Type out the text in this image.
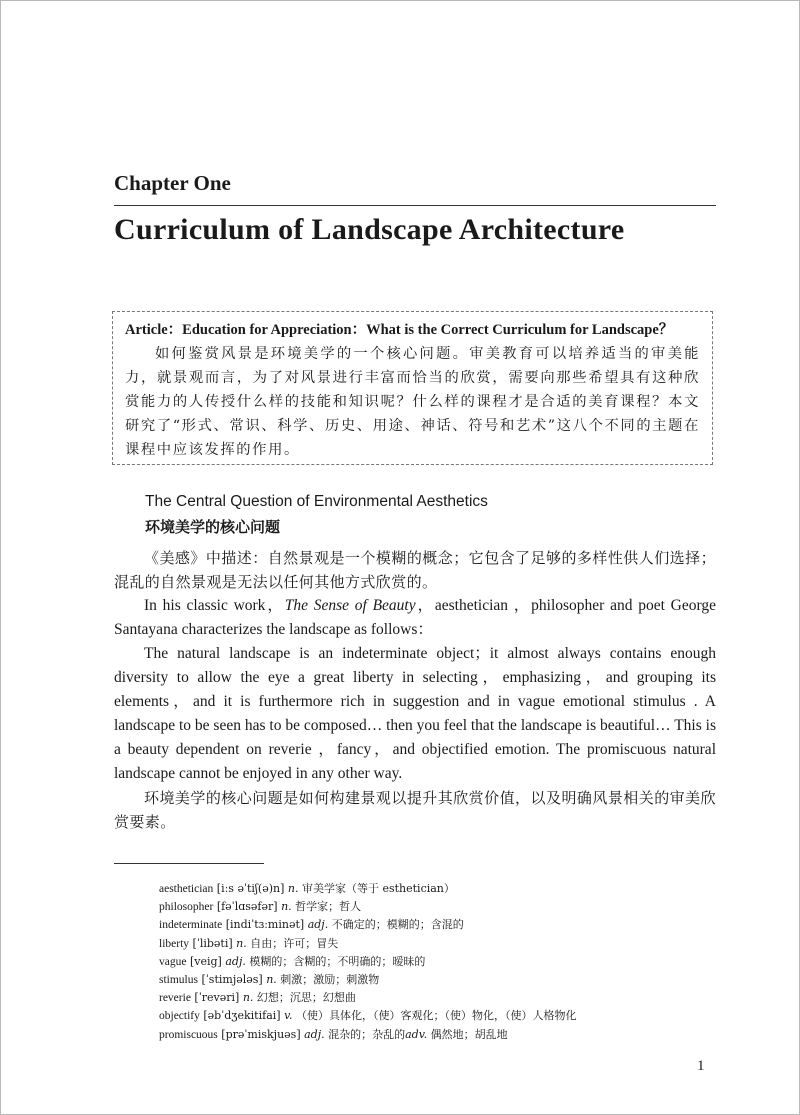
Chapter One
Curriculum of Landscape Architecture
Article：Education for Appreciation：What is the Correct Curriculum for Landscape？
如何鉴赏风景是环境美学的一个核心问题。审美教育可以培养适当的审美能力，就景观而言，为了对风景进行丰富而恰当的欣赏，需要向那些希望具有这种欣赏能力的人传授什么样的技能和知识呢？什么样的课程才是合适的美育课程？本文研究了“形式、常识、科学、历史、用途、神话、符号和艺术”这八个不同的主题在课程中应该发挥的作用。
The Central Question of Environmental Aesthetics
环境美学的核心问题

《美感》中描述：自然景观是一个模糊的概念；它包含了足够的多样性供人们选择；混乱的自然景观是无法以任何其他方式欣赏的。

In his classic work，The Sense of Beauty，aesthetician ，philosopher and poet George Santayana characterizes the landscape as follows：

The natural landscape is an indeterminate object；it almost always contains enough diversity to allow the eye a great liberty in selecting，emphasizing，and grouping its elements，and it is furthermore rich in suggestion and in vague emotional stimulus . A landscape to be seen has to be composed… then you feel that the landscape is beautiful… This is a beauty dependent on reverie ，fancy，and objectified emotion. The promiscuous natural landscape cannot be enjoyed in any other way.

环境美学的核心问题是如何构建景观以提升其欣赏价值，以及明确风景相关的审美欣赏要素。

aesthetician [iːs əˈtiʃ(ə)n] n. 审美学家（等于 esthetician）
philosopher [fəˈlɑsəfər] n. 哲学家；哲人
indeterminate [indiˈtɜːminət] adj. 不确定的；模糊的；含混的
liberty [ˈlibəti] n. 自由；许可；冒失
vague [veig] adj. 模糊的；含糊的；不明确的；暧昧的
stimulus [ˈstimjələs] n. 刺激；激励；刺激物
reverie [ˈrevəri] n. 幻想；沉思；幻想曲
objectify [əbˈdʒekitifai] v. （使）具体化，（使）客观化；（使）物化，（使）人格物化
promiscuous [prəˈmiskjuəs] adj. 混杂的；杂乱的adv. 偶然地；胡乱地
1
